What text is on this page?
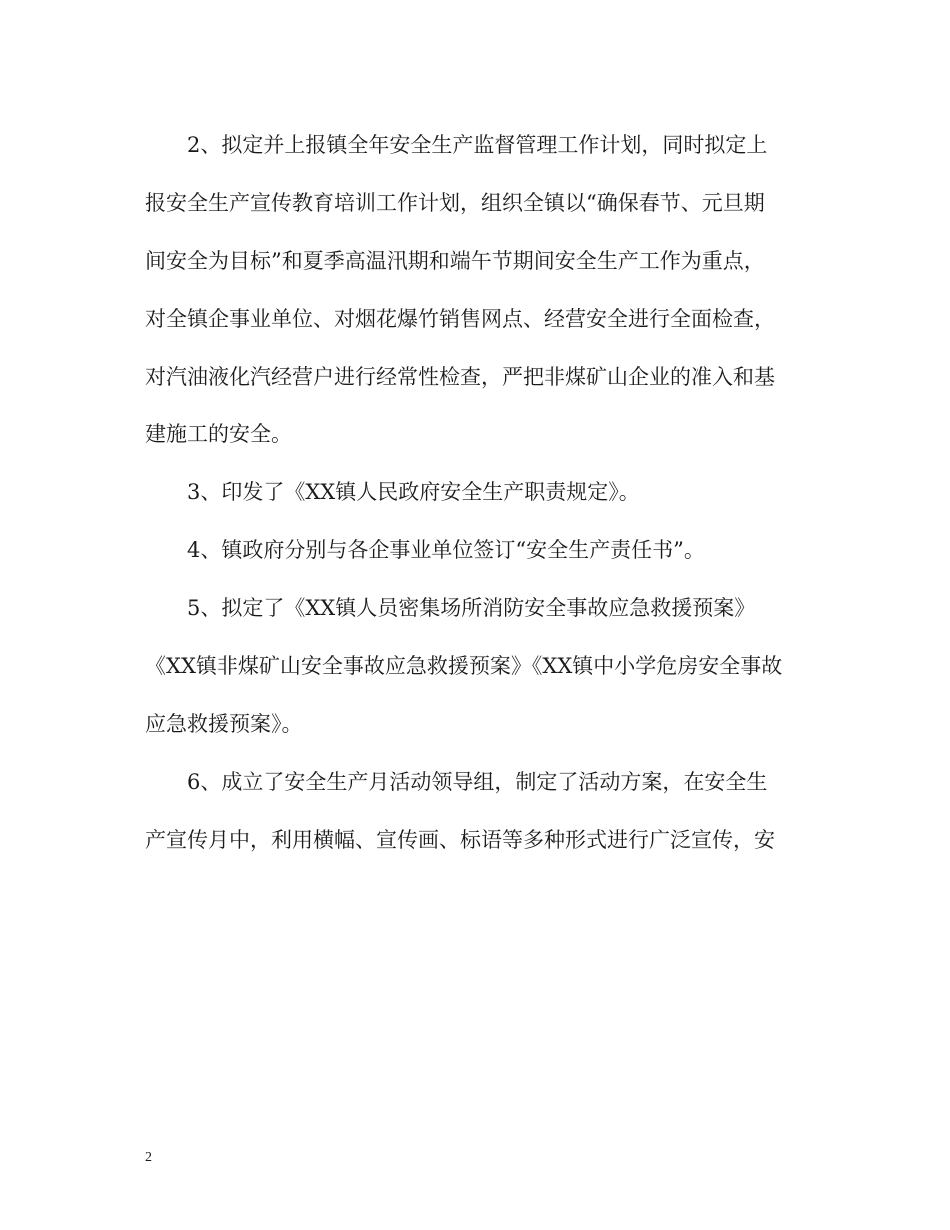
2、拟定并上报镇全年安全生产监督管理工作计划，同时拟定上
报安全生产宣传教育培训工作计划，组织全镇以“确保春节、元旦期
间安全为目标”和夏季高温汛期和端午节期间安全生产工作为重点，
对全镇企事业单位、对烟花爆竹销售网点、经营安全进行全面检查，
对汽油液化汽经营户进行经常性检查，严把非煤矿山企业的准入和基
建施工的安全。
3、印发了《XX镇人民政府安全生产职责规定》。
4、镇政府分别与各企事业单位签订“安全生产责任书”。
5、拟定了《XX镇人员密集场所消防安全事故应急救援预案》
《XX镇非煤矿山安全事故应急救援预案》《XX镇中小学危房安全事故
应急救援预案》。
6、成立了安全生产月活动领导组，制定了活动方案，在安全生
产宣传月中，利用横幅、宣传画、标语等多种形式进行广泛宣传，安
2
